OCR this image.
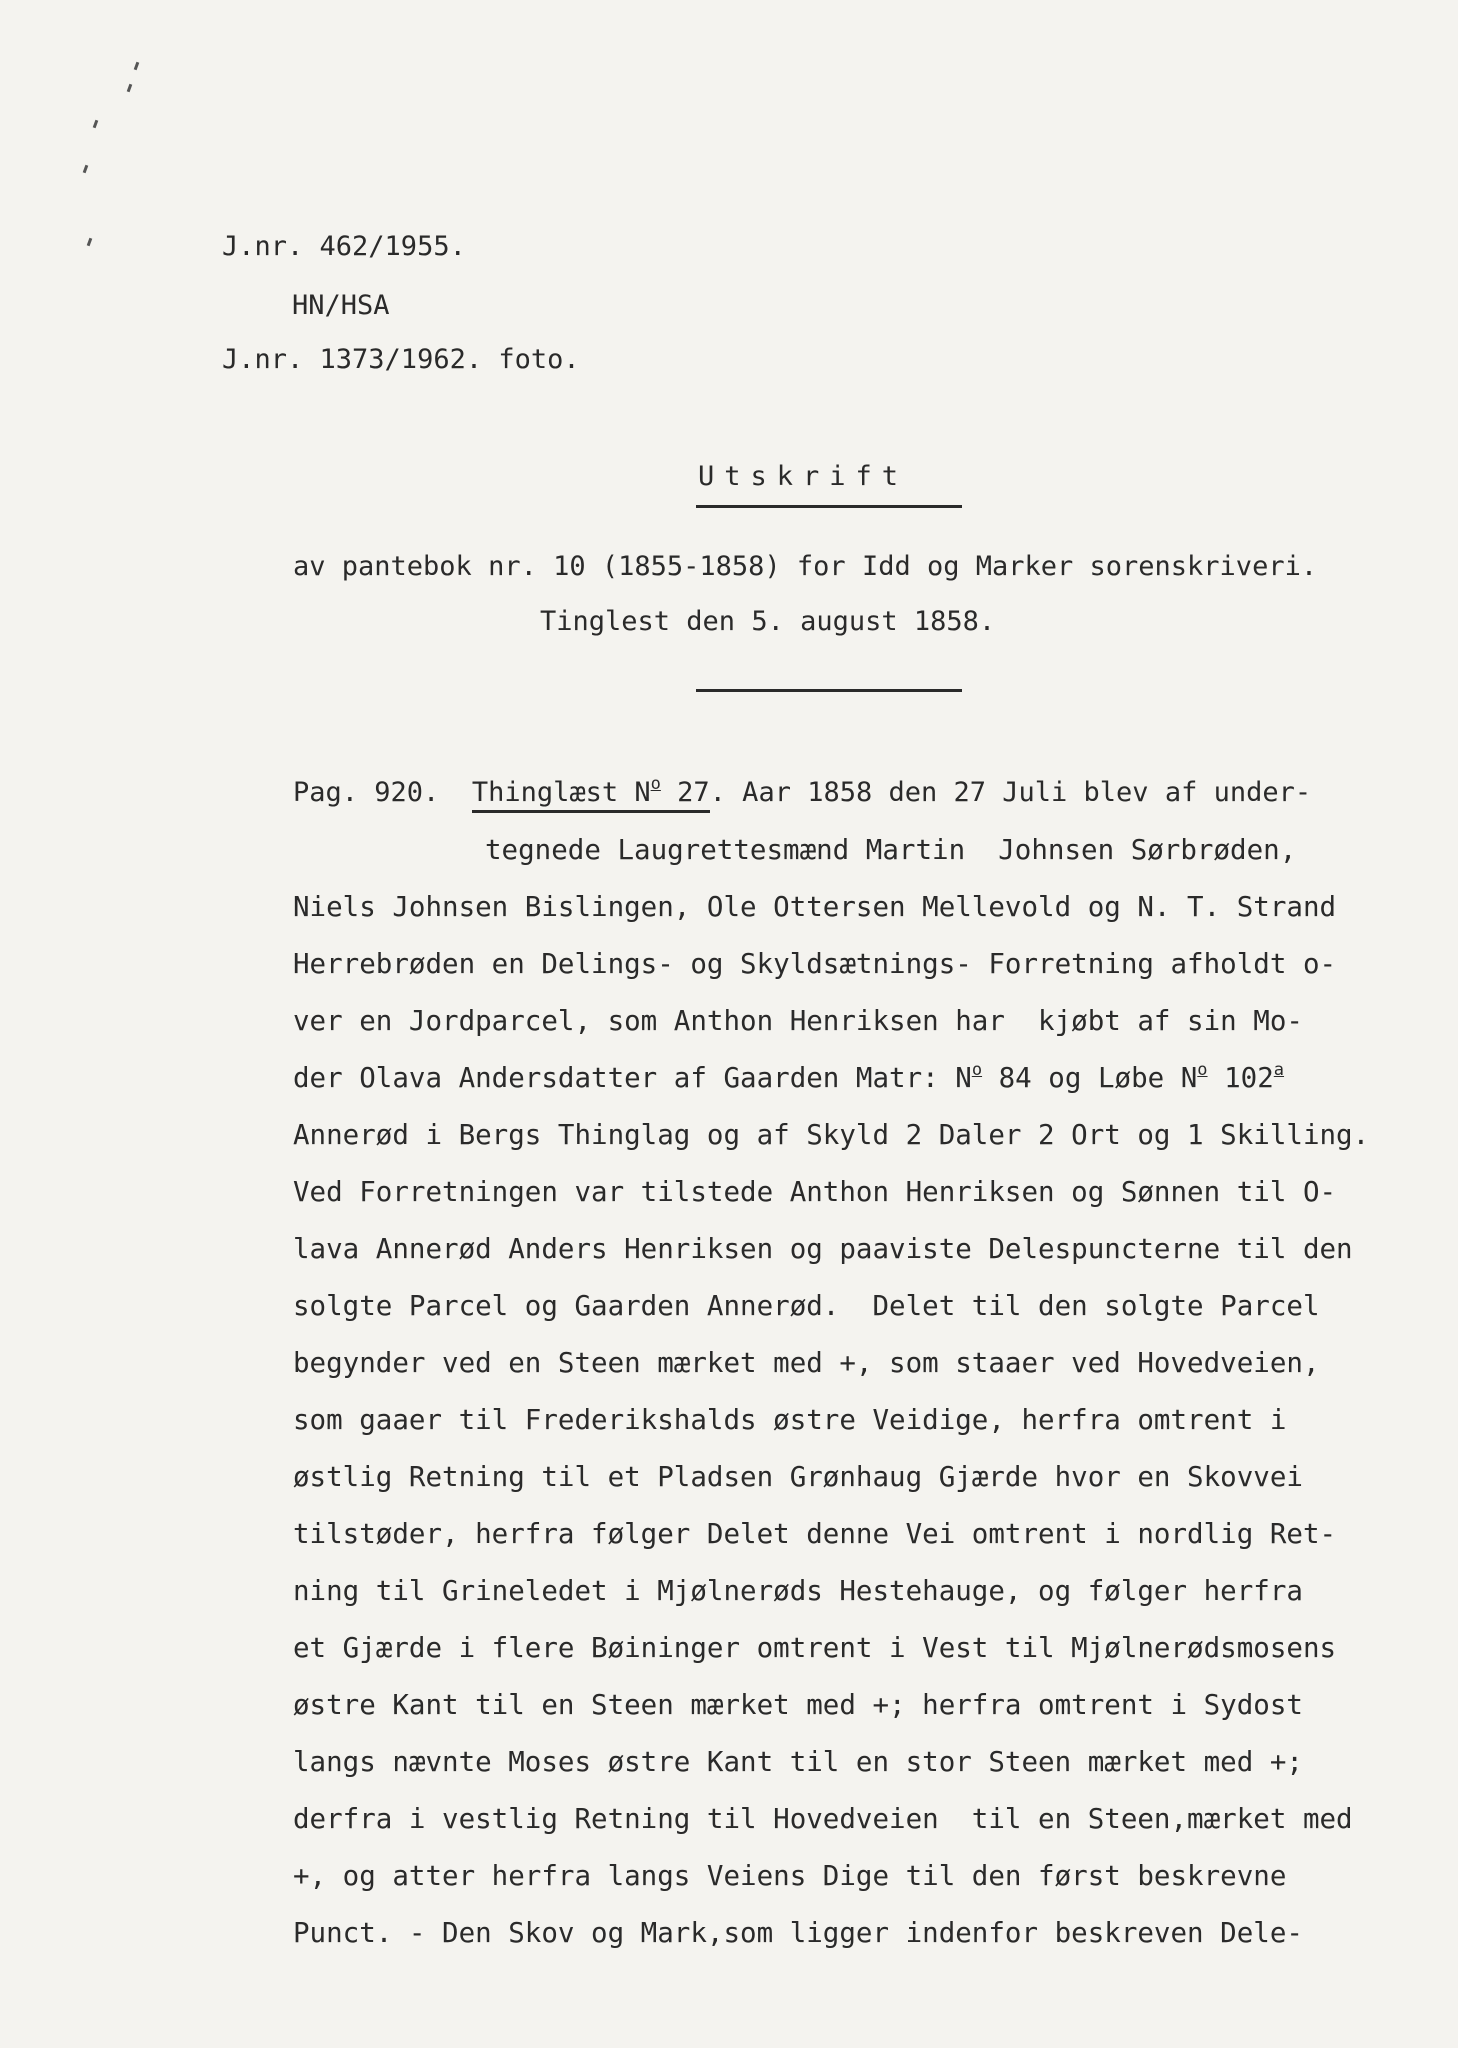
J.nr. 462/1955.
HN/HSA
J.nr. 1373/1962. foto.
Utskrift
av pantebok nr. 10 (1855-1858) for Idd og Marker sorenskriveri.
Tinglest den 5. august 1858.
Pag. 920. Thinglæst $N^o$ 27. Aar 1858 den 27 Juli blev af under-
tegnede Laugrettesmænd Martin  Johnsen Sørbrøden,
Niels Johnsen Bislingen, Ole Ottersen Mellevold og N. T. Strand
Herrebrøden en Delings- og Skyldsætnings- Forretning afholdt o-
ver en Jordparcel, som Anthon Henriksen har  kjøbt af sin Mo-
der Olava Andersdatter af Gaarden Matr: $N^o$ 84 og Løbe $N^o$ 102$^a$
Annerød i Bergs Thinglag og af Skyld 2 Daler 2 Ort og 1 Skilling.
Ved Forretningen var tilstede Anthon Henriksen og Sønnen til O-
lava Annerød Anders Henriksen og paaviste Delespuncterne til den
solgte Parcel og Gaarden Annerød.  Delet til den solgte Parcel
begynder ved en Steen mærket med +, som staaer ved Hovedveien,
som gaaer til Frederikshalds østre Veidige, herfra omtrent i
østlig Retning til et Pladsen Grønhaug Gjærde hvor en Skovvei
tilstøder, herfra følger Delet denne Vei omtrent i nordlig Ret-
ning til Grineledet i Mjølnerøds Hestehauge, og følger herfra
et Gjærde i flere Bøininger omtrent i Vest til Mjølnerødsmosens
østre Kant til en Steen mærket med +; herfra omtrent i Sydost
langs nævnte Moses østre Kant til en stor Steen mærket med +;
derfra i vestlig Retning til Hovedveien  til en Steen,mærket med
+, og atter herfra langs Veiens Dige til den først beskrevne
Punct. - Den Skov og Mark,som ligger indenfor beskreven Dele-
